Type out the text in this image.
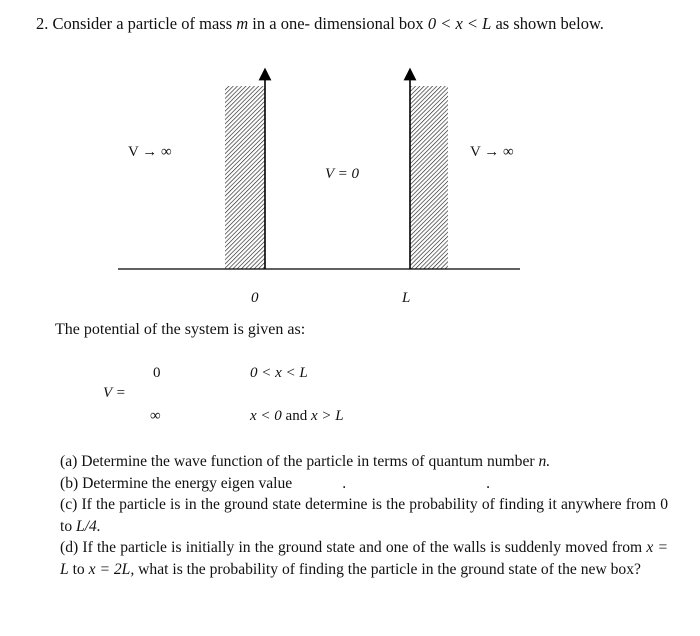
2. Consider a particle of mass m in a one- dimensional box 0 < x < L as shown below.
V → ∞	V → ∞
V = 0
0	L
The potential of the system is given as:
V =
0	0 < x < L
∞	x < 0 and x > L

(a) Determine the wave function of the particle in terms of quantum number n.

(b) Determine the energy eigen value	.	.

(c) If the particle is in the ground state determine is the probability of finding it anywhere from 0 to L/4.

(d) If the particle is initially in the ground state and one of the walls is suddenly moved from x = L to x = 2L, what is the probability of finding the particle in the ground state of the new box?
